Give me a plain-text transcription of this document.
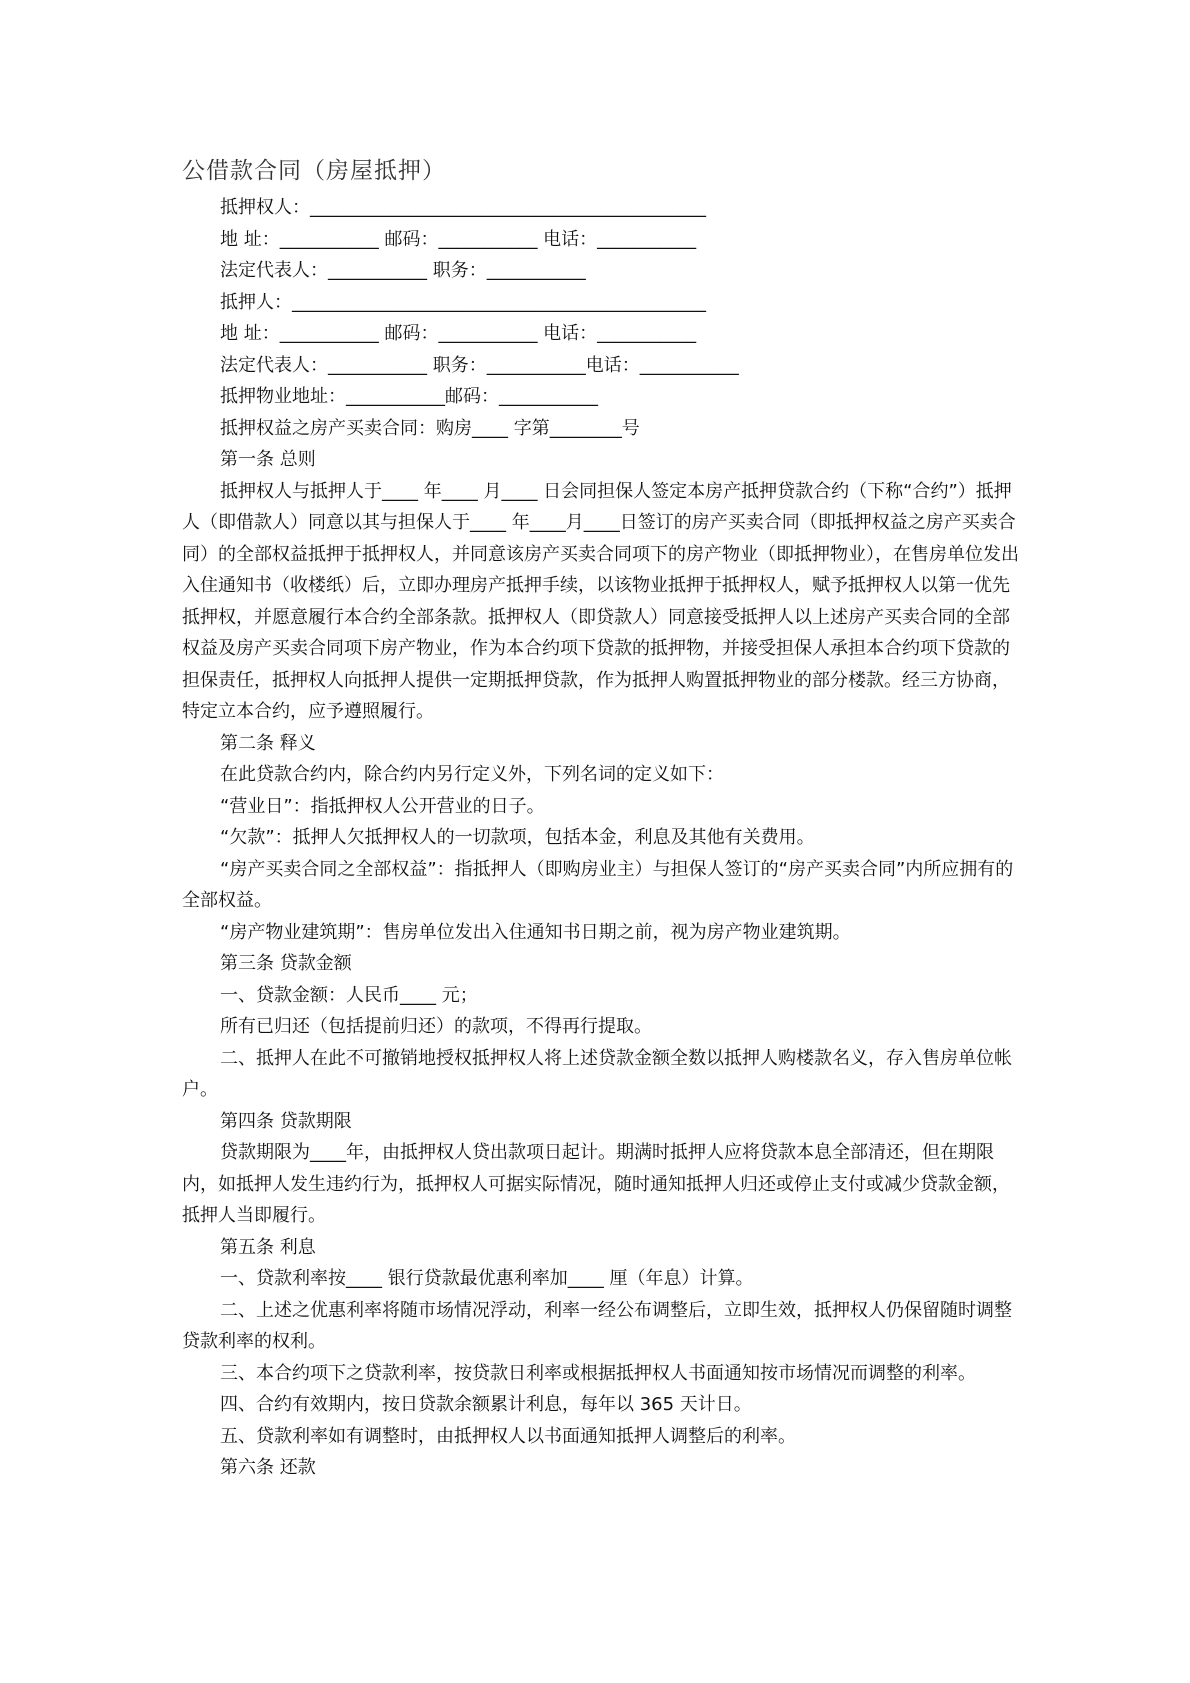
公借款合同（房屋抵押）

抵押权人：____________________________________________

地 址：___________ 邮码：___________ 电话：___________

法定代表人：___________ 职务：___________

抵押人：______________________________________________

地 址：___________ 邮码：___________ 电话：___________

法定代表人：___________ 职务：___________电话：___________

抵押物业地址：___________邮码：___________

抵押权益之房产买卖合同：购房____ 字第________号

第一条 总则

抵押权人与抵押人于____ 年____ 月____ 日会同担保人签定本房产抵押贷款合约（下称“合约”）抵押人（即借款人）同意以其与担保人于____ 年____月____日签订的房产买卖合同（即抵押权益之房产买卖合同）的全部权益抵押于抵押权人，并同意该房产买卖合同项下的房产物业（即抵押物业），在售房单位发出入住通知书（收楼纸）后，立即办理房产抵押手续，以该物业抵押于抵押权人，赋予抵押权人以第一优先抵押权，并愿意履行本合约全部条款。抵押权人（即贷款人）同意接受抵押人以上述房产买卖合同的全部权益及房产买卖合同项下房产物业，作为本合约项下贷款的抵押物，并接受担保人承担本合约项下贷款的担保责任，抵押权人向抵押人提供一定期抵押贷款，作为抵押人购置抵押物业的部分楼款。经三方协商，特定立本合约，应予遵照履行。

第二条 释义

在此贷款合约内，除合约内另行定义外，下列名词的定义如下：

“营业日”：指抵押权人公开营业的日子。

“欠款”：抵押人欠抵押权人的一切款项，包括本金，利息及其他有关费用。

“房产买卖合同之全部权益”：指抵押人（即购房业主）与担保人签订的“房产买卖合同”内所应拥有的全部权益。

“房产物业建筑期”：售房单位发出入住通知书日期之前，视为房产物业建筑期。

第三条 贷款金额

一、贷款金额：人民币____ 元；

所有已归还（包括提前归还）的款项，不得再行提取。

二、抵押人在此不可撤销地授权抵押权人将上述贷款金额全数以抵押人购楼款名义，存入售房单位帐户。

第四条 贷款期限

贷款期限为____年，由抵押权人贷出款项日起计。期满时抵押人应将贷款本息全部清还，但在期限内，如抵押人发生违约行为，抵押权人可据实际情况，随时通知抵押人归还或停止支付或减少贷款金额，抵押人当即履行。

第五条 利息

一、贷款利率按____ 银行贷款最优惠利率加____ 厘（年息）计算。

二、上述之优惠利率将随市场情况浮动，利率一经公布调整后，立即生效，抵押权人仍保留随时调整贷款利率的权利。

三、本合约项下之贷款利率，按贷款日利率或根据抵押权人书面通知按市场情况而调整的利率。

四、合约有效期内，按日贷款余额累计利息，每年以 365 天计日。

五、贷款利率如有调整时，由抵押权人以书面通知抵押人调整后的利率。

第六条 还款
